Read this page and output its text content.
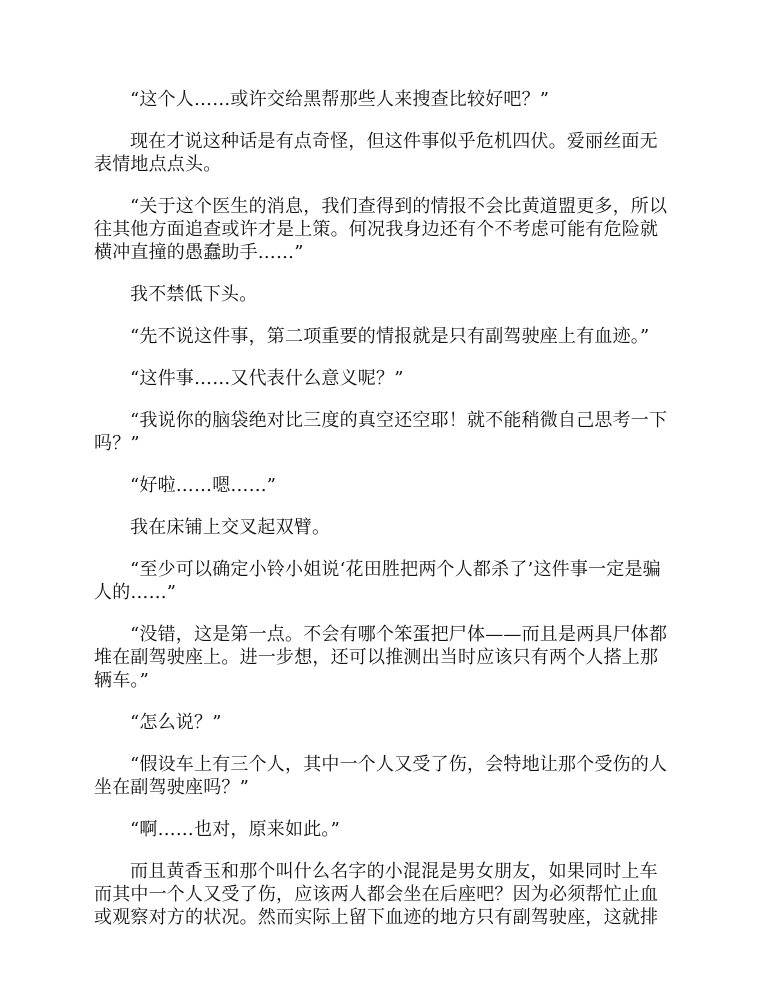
“这个人……或许交给黑帮那些人来搜查比较好吧？”

现在才说这种话是有点奇怪，但这件事似乎危机四伏。爱丽丝面无表情地点点头。

“关于这个医生的消息，我们查得到的情报不会比黄道盟更多，所以往其他方面追查或许才是上策。何况我身边还有个不考虑可能有危险就横冲直撞的愚蠢助手……”

我不禁低下头。

“先不说这件事，第二项重要的情报就是只有副驾驶座上有血迹。”

“这件事……又代表什么意义呢？”

“我说你的脑袋绝对比三度的真空还空耶！就不能稍微自己思考一下吗？”

“好啦……嗯……”

我在床铺上交叉起双臂。

“至少可以确定小铃小姐说‘花田胜把两个人都杀了’这件事一定是骗人的……”

“没错，这是第一点。不会有哪个笨蛋把尸体——而且是两具尸体都堆在副驾驶座上。进一步想，还可以推测出当时应该只有两个人搭上那辆车。”

“怎么说？”

“假设车上有三个人，其中一个人又受了伤，会特地让那个受伤的人坐在副驾驶座吗？”

“啊……也对，原来如此。”

而且黄香玉和那个叫什么名字的小混混是男女朋友，如果同时上车而其中一个人又受了伤，应该两人都会坐在后座吧？因为必须帮忙止血或观察对方的状况。然而实际上留下血迹的地方只有副驾驶座，这就排
